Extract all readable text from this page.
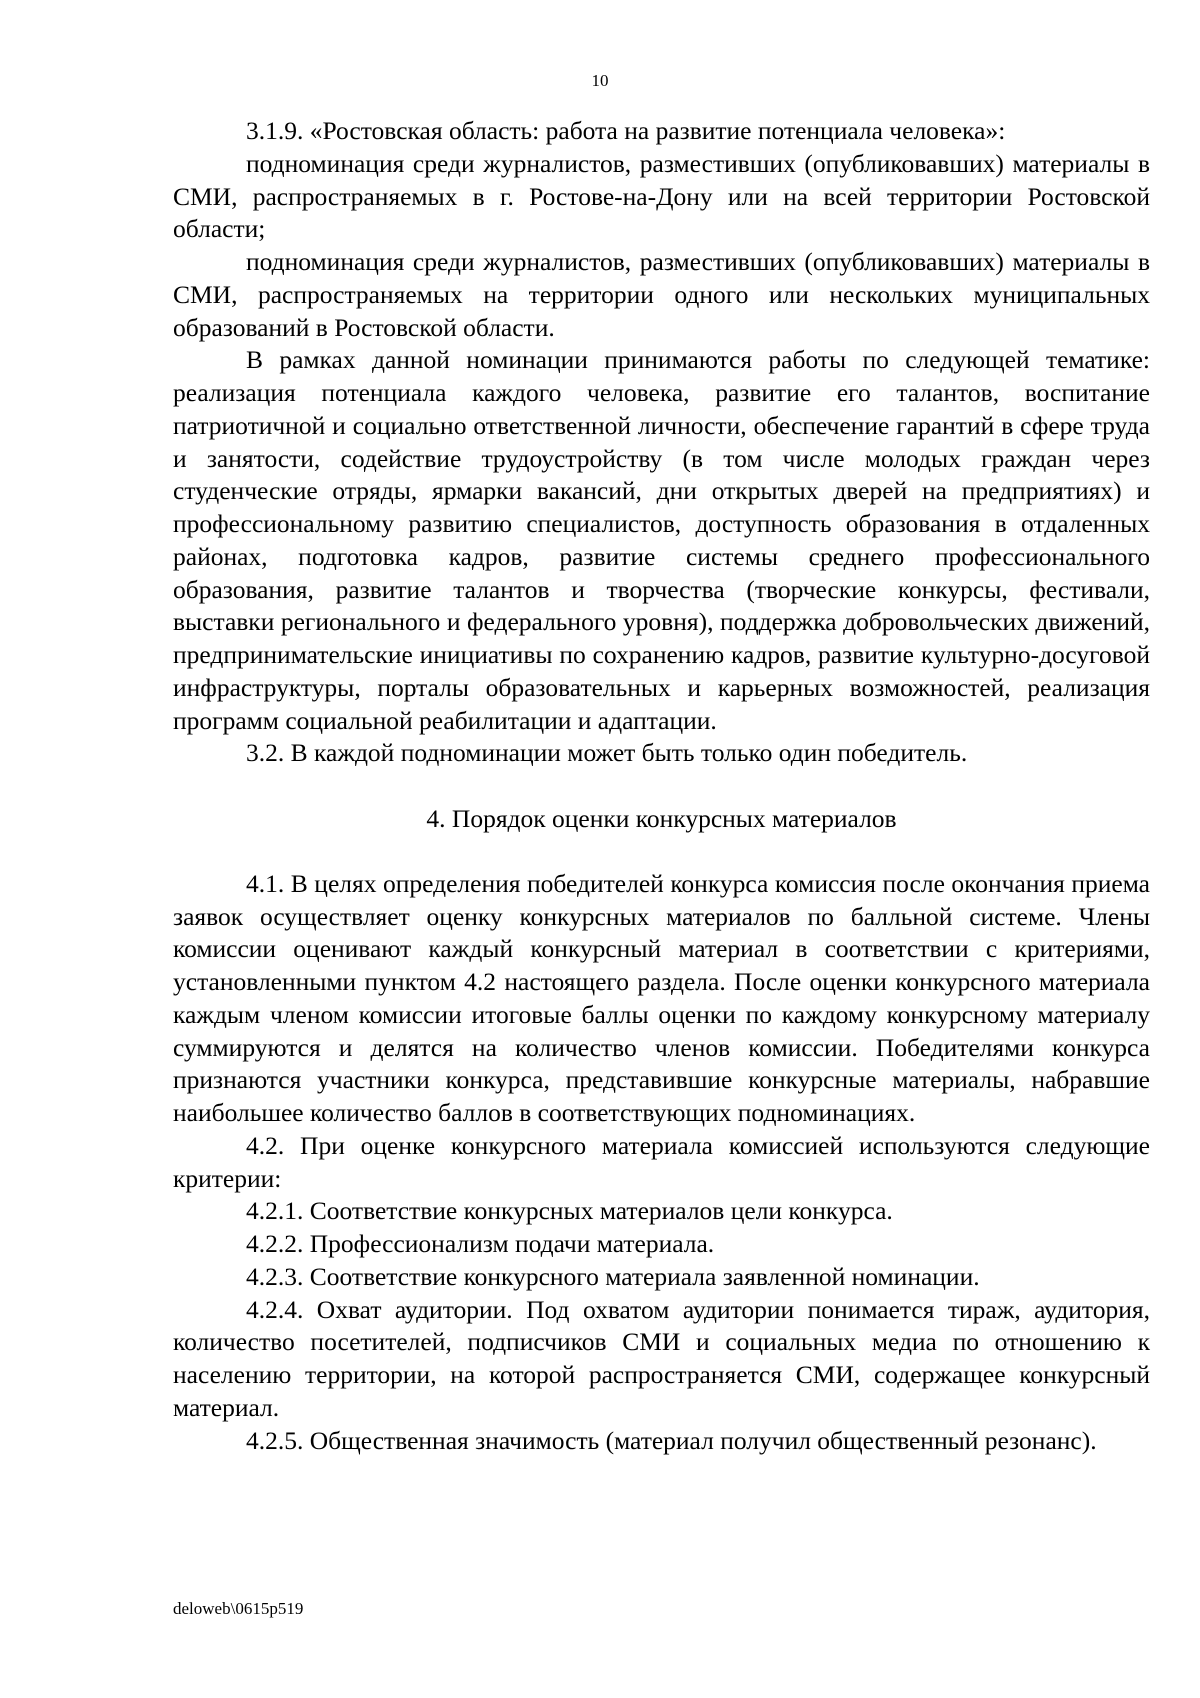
10

3.1.9. «Ростовская область: работа на развитие потенциала человека»:

подноминация среди журналистов, разместивших (опубликовавших) материалы в СМИ, распространяемых в г. Ростове-на-Дону или на всей территории Ростовской области;

подноминация среди журналистов, разместивших (опубликовавших) материалы в СМИ, распространяемых на территории одного или нескольких муниципальных образований в Ростовской области.

В рамках данной номинации принимаются работы по следующей тематике: реализация потенциала каждого человека, развитие его талантов, воспитание патриотичной и социально ответственной личности, обеспечение гарантий в сфере труда и занятости, содействие трудоустройству (в том числе молодых граждан через студенческие отряды, ярмарки вакансий, дни открытых дверей на предприятиях) и профессиональному развитию специалистов, доступность образования в отдаленных районах, подготовка кадров, развитие системы среднего профессионального образования, развитие талантов и творчества (творческие конкурсы, фестивали, выставки регионального и федерального уровня), поддержка добровольческих движений, предпринимательские инициативы по сохранению кадров, развитие культурно-досуговой инфраструктуры, порталы образовательных и карьерных возможностей, реализация программ социальной реабилитации и адаптации.

3.2. В каждой подноминации может быть только один победитель.

4. Порядок оценки конкурсных материалов

4.1. В целях определения победителей конкурса комиссия после окончания приема заявок осуществляет оценку конкурсных материалов по балльной системе. Члены комиссии оценивают каждый конкурсный материал в соответствии с критериями, установленными пунктом 4.2 настоящего раздела. После оценки конкурсного материала каждым членом комиссии итоговые баллы оценки по каждому конкурсному материалу суммируются и делятся на количество членов комиссии. Победителями конкурса признаются участники конкурса, представившие конкурсные материалы, набравшие наибольшее количество баллов в соответствующих подноминациях.

4.2. При оценке конкурсного материала комиссией используются следующие критерии:

4.2.1. Соответствие конкурсных материалов цели конкурса.

4.2.2. Профессионализм подачи материала.

4.2.3. Соответствие конкурсного материала заявленной номинации.

4.2.4. Охват аудитории. Под охватом аудитории понимается тираж, аудитория, количество посетителей, подписчиков СМИ и социальных медиа по отношению к населению территории, на которой распространяется СМИ, содержащее конкурсный материал.

4.2.5. Общественная значимость (материал получил общественный резонанс).

deloweb\0615p519
